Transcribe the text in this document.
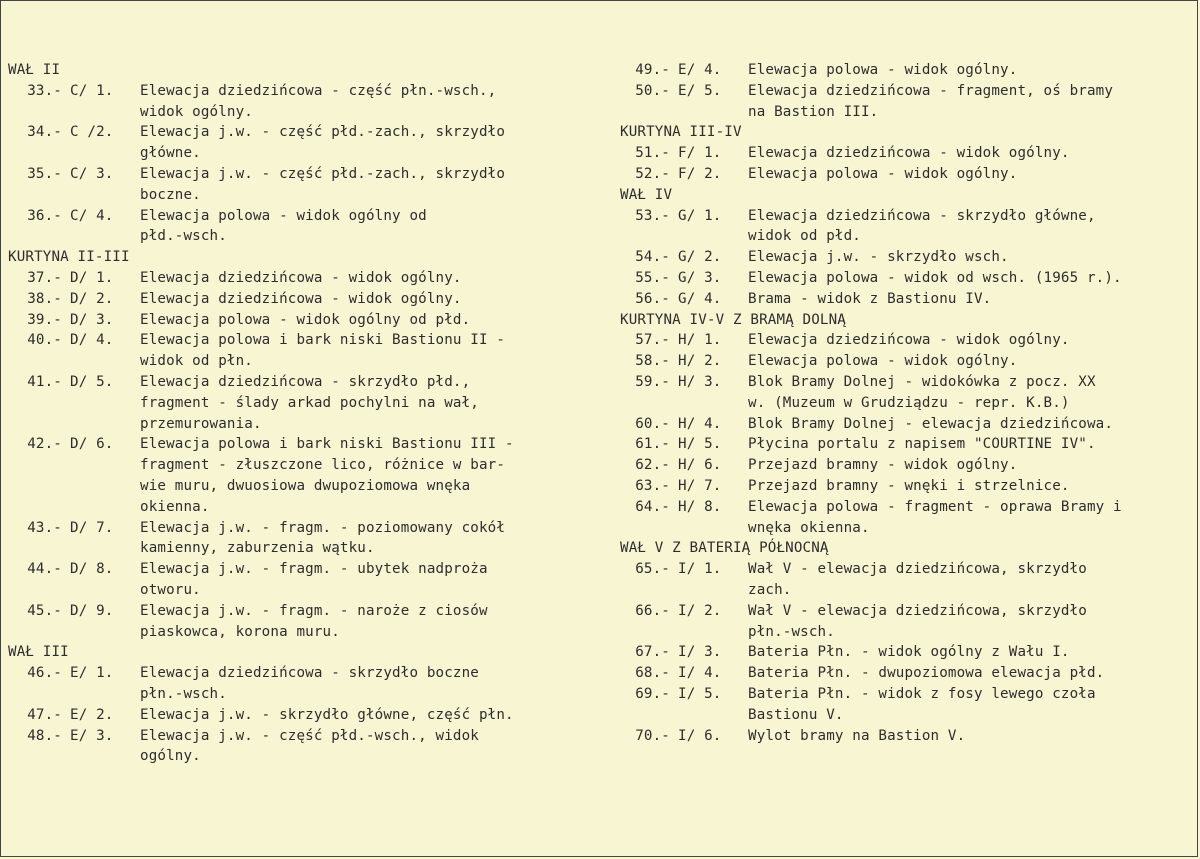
WAŁ II
33.- C/ 1.	Elewacja dziedzińcowa - część płn.-wsch.,
widok ogólny.
34.- C /2.	Elewacja j.w. - część płd.-zach., skrzydło
główne.
35.- C/ 3.	Elewacja j.w. - część płd.-zach., skrzydło
boczne.
36.- C/ 4.	Elewacja polowa - widok ogólny od
płd.-wsch.
KURTYNA II-III
37.- D/ 1.	Elewacja dziedzińcowa - widok ogólny.
38.- D/ 2.	Elewacja dziedzińcowa - widok ogólny.
39.- D/ 3.	Elewacja polowa - widok ogólny od płd.
40.- D/ 4.	Elewacja polowa i bark niski Bastionu II -
widok od płn.
41.- D/ 5.	Elewacja dziedzińcowa - skrzydło płd.,
fragment - ślady arkad pochylni na wał,
przemurowania.
42.- D/ 6.	Elewacja polowa i bark niski Bastionu III -
fragment - złuszczone lico, różnice w bar-
wie muru, dwuosiowa dwupoziomowa wnęka
okienna.
43.- D/ 7.	Elewacja j.w. - fragm. - poziomowany cokół
kamienny, zaburzenia wątku.
44.- D/ 8.	Elewacja j.w. - fragm. - ubytek nadproża
otworu.
45.- D/ 9.	Elewacja j.w. - fragm. - naroże z ciosów
piaskowca, korona muru.
WAŁ III
46.- E/ 1.	Elewacja dziedzińcowa - skrzydło boczne
płn.-wsch.
47.- E/ 2.	Elewacja j.w. - skrzydło główne, część płn.
48.- E/ 3.	Elewacja j.w. - część płd.-wsch., widok
ogólny.
49.- E/ 4.	Elewacja polowa - widok ogólny.
50.- E/ 5.	Elewacja dziedzińcowa - fragment, oś bramy
na Bastion III.
KURTYNA III-IV
51.- F/ 1.	Elewacja dziedzińcowa - widok ogólny.
52.- F/ 2.	Elewacja polowa - widok ogólny.
WAŁ IV
53.- G/ 1.	Elewacja dziedzińcowa - skrzydło główne,
widok od płd.
54.- G/ 2.	Elewacja j.w. - skrzydło wsch.
55.- G/ 3.	Elewacja polowa - widok od wsch. (1965 r.).
56.- G/ 4.	Brama - widok z Bastionu IV.
KURTYNA IV-V Z BRAMĄ DOLNĄ
57.- H/ 1.	Elewacja dziedzińcowa - widok ogólny.
58.- H/ 2.	Elewacja polowa - widok ogólny.
59.- H/ 3.	Blok Bramy Dolnej - widokówka z pocz. XX
w. (Muzeum w Grudziądzu - repr. K.B.)
60.- H/ 4.	Blok Bramy Dolnej - elewacja dziedzińcowa.
61.- H/ 5.	Płycina portalu z napisem "COURTINE IV".
62.- H/ 6.	Przejazd bramny - widok ogólny.
63.- H/ 7.	Przejazd bramny - wnęki i strzelnice.
64.- H/ 8.	Elewacja polowa - fragment - oprawa Bramy i
wnęka okienna.
WAŁ V Z BATERIĄ PÓŁNOCNĄ
65.- I/ 1.	Wał V - elewacja dziedzińcowa, skrzydło
zach.
66.- I/ 2.	Wał V - elewacja dziedzińcowa, skrzydło
płn.-wsch.
67.- I/ 3.	Bateria Płn. - widok ogólny z Wału I.
68.- I/ 4.	Bateria Płn. - dwupoziomowa elewacja płd.
69.- I/ 5.	Bateria Płn. - widok z fosy lewego czoła
Bastionu V.
70.- I/ 6.	Wylot bramy na Bastion V.
